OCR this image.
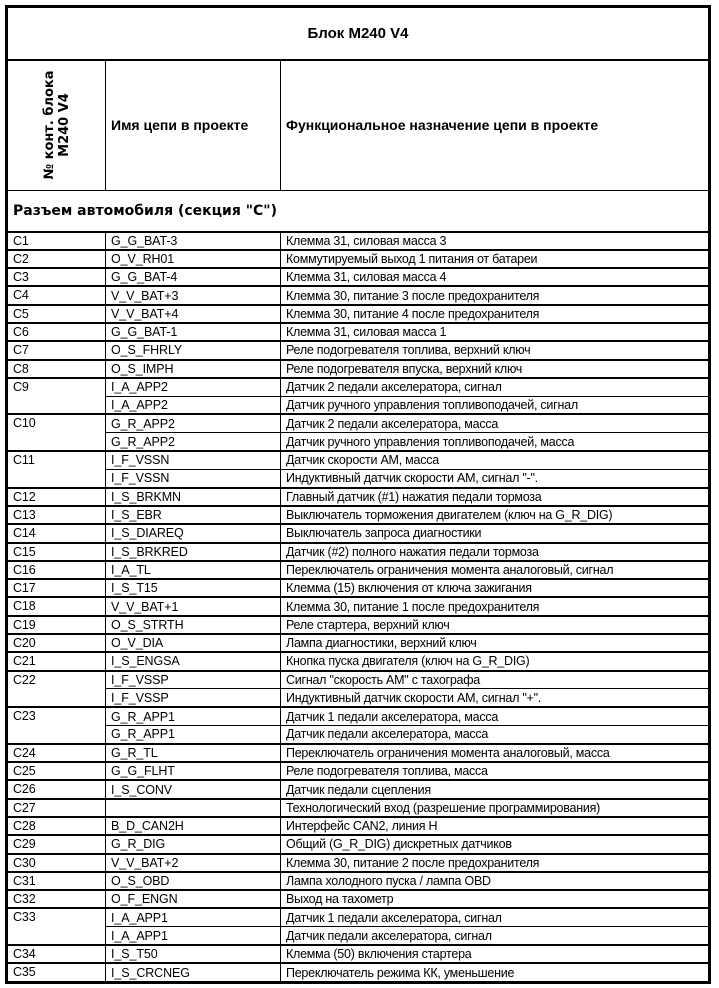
Блок M240 V4		

№ конт. блока M240 V4	Имя цепи в проекте	Функциональное назначение цепи в проекте
Разъем автомобиля (секция "С")		
C1	G_G_BAT-3	Клемма 31, силовая масса 3
C2	O_V_RH01	Коммутируемый выход 1 питания от батареи
C3	G_G_BAT-4	Клемма 31, силовая масса 4
C4	V_V_BAT+3	Клемма 30, питание 3 после предохранителя
C5	V_V_BAT+4	Клемма 30, питание 4 после предохранителя
C6	G_G_BAT-1	Клемма 31, силовая масса 1
C7	O_S_FHRLY	Реле подогревателя топлива, верхний ключ
C8	O_S_IMPH	Реле подогревателя впуска, верхний ключ
C9	I_A_APP2	Датчик 2 педали акселератора, сигнал
	I_A_APP2	Датчик ручного управления топливоподачей, сигнал
C10	G_R_APP2	Датчик 2 педали акселератора, масса
	G_R_APP2	Датчик ручного управления топливоподачей, масса
C11	I_F_VSSN	Датчик скорости АМ, масса
	I_F_VSSN	Индуктивный датчик скорости АМ, сигнал "-".
C12	I_S_BRKMN	Главный датчик (#1) нажатия педали тормоза
C13	I_S_EBR	Выключатель торможения двигателем (ключ на G_R_DIG)
C14	I_S_DIAREQ	Выключатель запроса диагностики
C15	I_S_BRKRED	Датчик (#2) полного нажатия педали тормоза
C16	I_A_TL	Переключатель ограничения момента аналоговый, сигнал
C17	I_S_T15	Клемма (15) включения от ключа зажигания
C18	V_V_BAT+1	Клемма 30, питание 1 после предохранителя
C19	O_S_STRTH	Реле стартера, верхний ключ
C20	O_V_DIA	Лампа диагностики, верхний ключ
C21	I_S_ENGSA	Кнопка пуска двигателя (ключ на G_R_DIG)
C22	I_F_VSSP	Сигнал "скорость АМ" с тахографа
	I_F_VSSP	Индуктивный датчик скорости АМ, сигнал "+".
C23	G_R_APP1	Датчик 1 педали акселератора, масса
	G_R_APP1	Датчик педали акселератора, масса
C24	G_R_TL	Переключатель ограничения момента аналоговый, масса
C25	G_G_FLHT	Реле подогревателя топлива, масса
C26	I_S_CONV	Датчик педали сцепления
C27		Технологический вход (разрешение программирования)
C28	B_D_CAN2H	Интерфейс CAN2, линия H
C29	G_R_DIG	Общий (G_R_DIG) дискретных датчиков
C30	V_V_BAT+2	Клемма 30, питание 2 после предохранителя
C31	O_S_OBD	Лампа холодного пуска / лампа OBD
C32	O_F_ENGN	Выход на тахометр
C33	I_A_APP1	Датчик 1 педали акселератора, сигнал
	I_A_APP1	Датчик педали акселератора, сигнал
C34	I_S_T50	Клемма (50) включения стартера
C35	I_S_CRCNEG	Переключатель режима КК, уменьшение
